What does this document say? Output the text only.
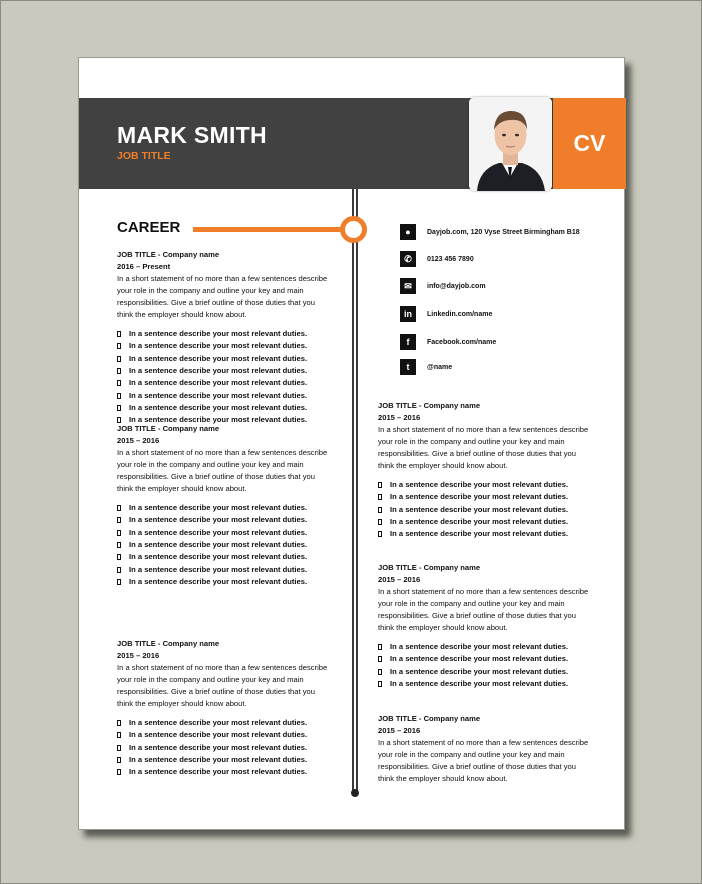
MARK SMITH
JOB TITLE	CV
CAREER
JOB TITLE - Company name
2016 – Present
In a short statement of no more than a few sentences describe your role in the company and outline your key and main responsibilities. Give a brief outline of those duties that you think the employer should know about.
In a sentence describe your most relevant duties.
In a sentence describe your most relevant duties.
In a sentence describe your most relevant duties.
In a sentence describe your most relevant duties.
In a sentence describe your most relevant duties.
In a sentence describe your most relevant duties.
In a sentence describe your most relevant duties.
In a sentence describe your most relevant duties.
JOB TITLE - Company name
2015 – 2016
In a short statement of no more than a few sentences describe your role in the company and outline your key and main responsibilities. Give a brief outline of those duties that you think the employer should know about.
In a sentence describe your most relevant duties.
In a sentence describe your most relevant duties.
In a sentence describe your most relevant duties.
In a sentence describe your most relevant duties.
In a sentence describe your most relevant duties.
In a sentence describe your most relevant duties.
In a sentence describe your most relevant duties.
JOB TITLE - Company name
2015 – 2016
In a short statement of no more than a few sentences describe your role in the company and outline your key and main responsibilities. Give a brief outline of those duties that you think the employer should know about.
In a sentence describe your most relevant duties.
In a sentence describe your most relevant duties.
In a sentence describe your most relevant duties.
In a sentence describe your most relevant duties.
In a sentence describe your most relevant duties.
●	Dayjob.com, 120 Vyse Street Birmingham B18
✆	0123 456 7890
✉	info@dayjob.com
in	Linkedin.com/name
f	Facebook.com/name
t	@name
JOB TITLE - Company name
2015 – 2016
In a short statement of no more than a few sentences describe your role in the company and outline your key and main responsibilities. Give a brief outline of those duties that you think the employer should know about.
In a sentence describe your most relevant duties.
In a sentence describe your most relevant duties.
In a sentence describe your most relevant duties.
In a sentence describe your most relevant duties.
In a sentence describe your most relevant duties.
JOB TITLE - Company name
2015 – 2016
In a short statement of no more than a few sentences describe your role in the company and outline your key and main responsibilities. Give a brief outline of those duties that you think the employer should know about.
In a sentence describe your most relevant duties.
In a sentence describe your most relevant duties.
In a sentence describe your most relevant duties.
In a sentence describe your most relevant duties.
JOB TITLE - Company name
2015 – 2016
In a short statement of no more than a few sentences describe your role in the company and outline your key and main responsibilities. Give a brief outline of those duties that you think the employer should know about.
